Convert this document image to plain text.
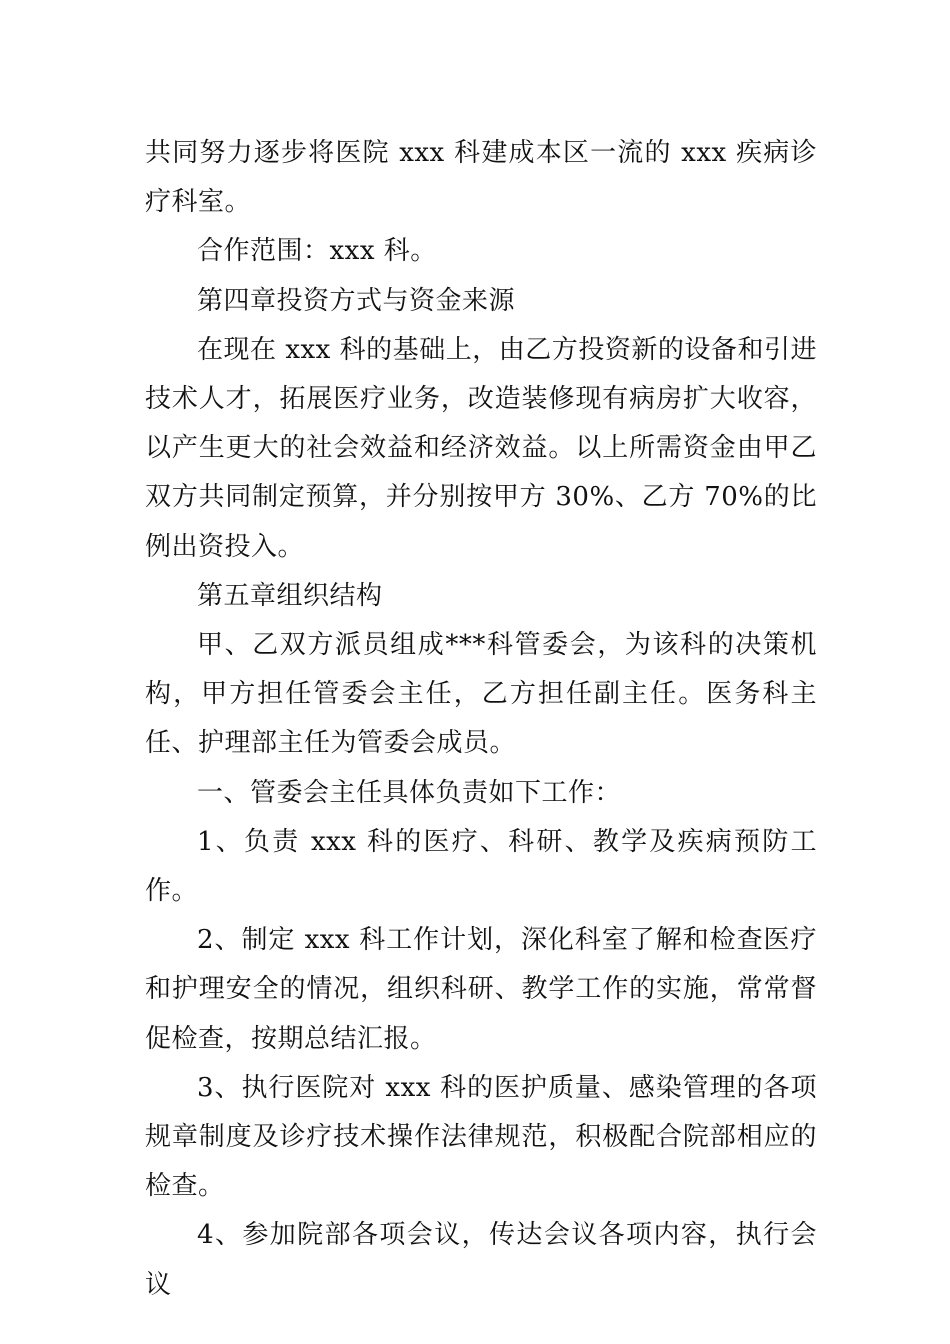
共同努力逐步将医院 xxx 科建成本区一流的 xxx 疾病诊疗科室。

合作范围：xxx 科。

第四章投资方式与资金来源

在现在 xxx 科的基础上，由乙方投资新的设备和引进技术人才，拓展医疗业务，改造装修现有病房扩大收容，以产生更大的社会效益和经济效益。以上所需资金由甲乙双方共同制定预算，并分别按甲方 30%、乙方 70%的比例出资投入。

第五章组织结构

甲、乙双方派员组成***科管委会，为该科的决策机构，甲方担任管委会主任，乙方担任副主任。医务科主任、护理部主任为管委会成员。

一、管委会主任具体负责如下工作：

1、负责 xxx 科的医疗、科研、教学及疾病预防工作。

2、制定 xxx 科工作计划，深化科室了解和检查医疗和护理安全的情况，组织科研、教学工作的实施，常常督促检查，按期总结汇报。

3、执行医院对 xxx 科的医护质量、感染管理的各项规章制度及诊疗技术操作法律规范，积极配合院部相应的检查。

4、参加院部各项会议，传达会议各项内容，执行会议
